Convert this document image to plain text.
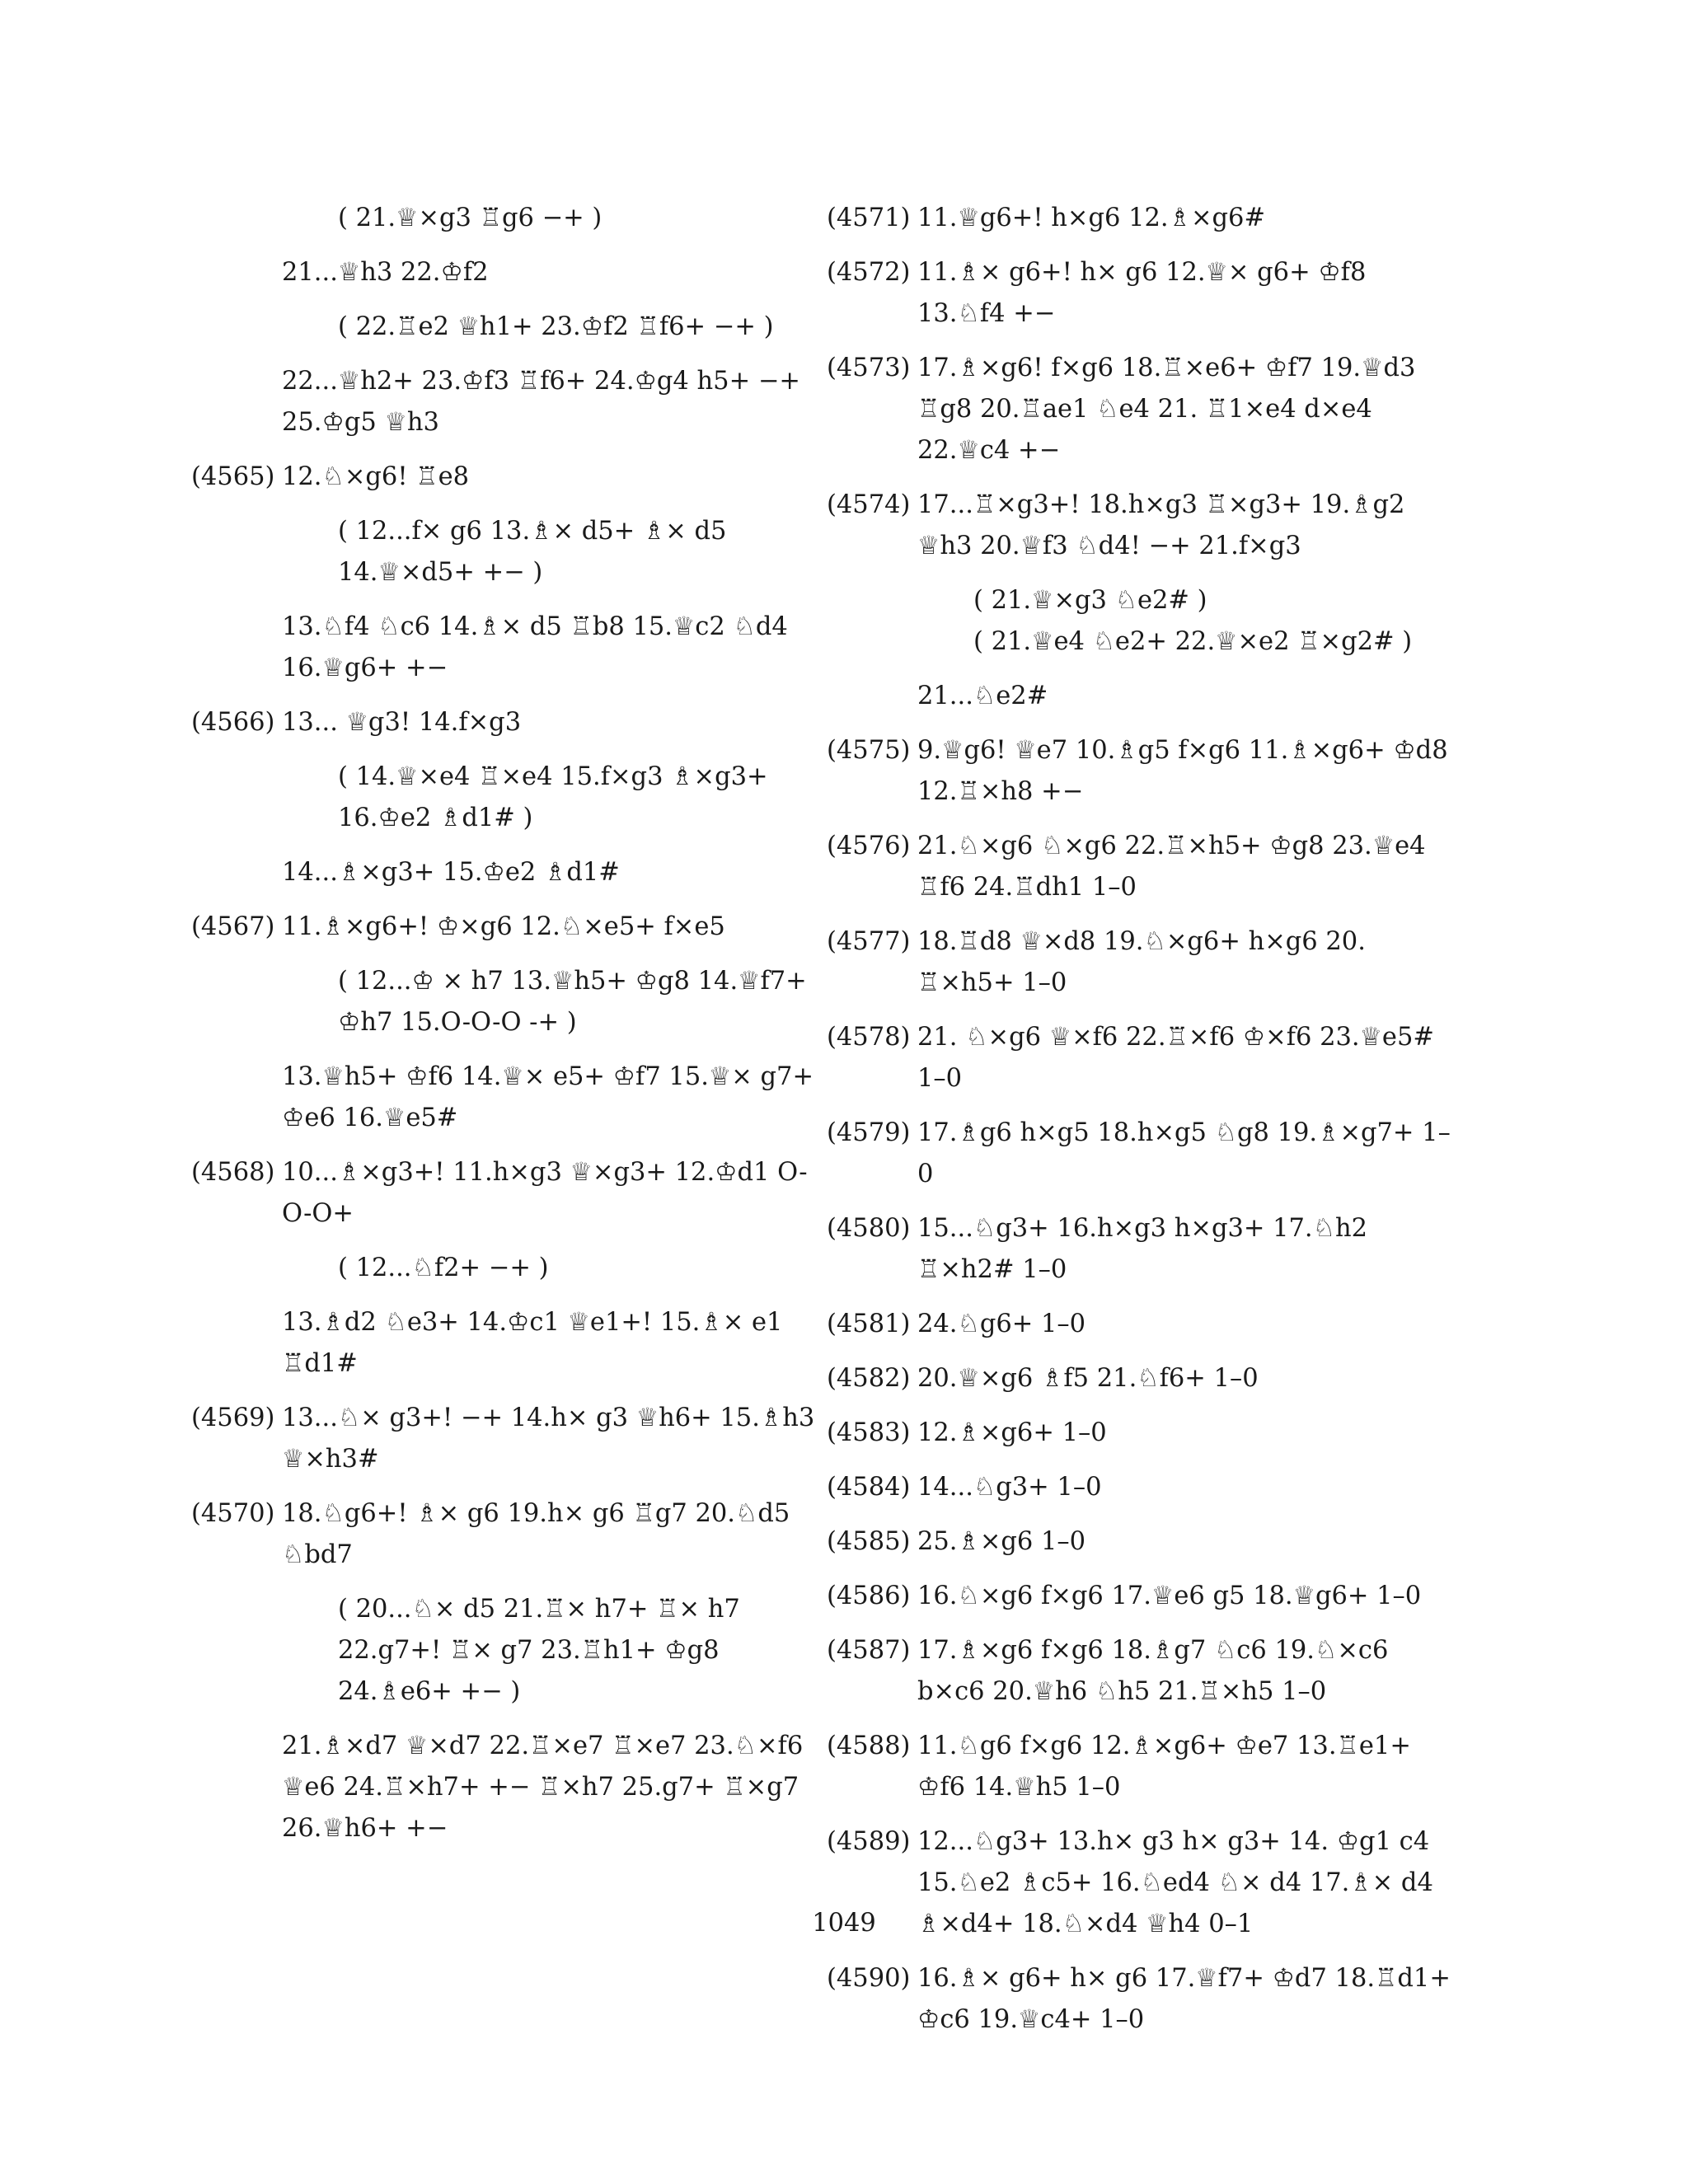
( 21.♕×g3 ♖g6 −+ )
21...♕h3 22.♔f2
( 22.♖e2 ♕h1+ 23.♔f2 ♖f6+ −+ )
22...♕h2+ 23.♔f3 ♖f6+ 24.♔g4 h5+ −+ 25.♔g5 ♕h3
(4565) 12.♘×g6! ♖e8
( 12...f× g6 13.♗× d5+ ♗× d5 14.♕×d5+ +− )
13.♘f4 ♘c6 14.♗× d5 ♖b8 15.♕c2 ♘d4 16.♕g6+ +−
(4566) 13... ♕g3! 14.f×g3
( 14.♕×e4 ♖×e4 15.f×g3 ♗×g3+ 16.♔e2 ♗d1# )
14...♗×g3+ 15.♔e2 ♗d1#
(4567) 11.♗×g6+! ♔×g6 12.♘×e5+ f×e5
( 12...♔ × h7 13.♕h5+ ♔g8 14.♕f7+ ♔h7 15.O-O-O -+ )
13.♕h5+ ♔f6 14.♕× e5+ ♔f7 15.♕× g7+ ♔e6 16.♕e5#
(4568) 10...♗×g3+! 11.h×g3 ♕×g3+ 12.♔d1 O-O-O+
( 12...♘f2+ −+ )
13.♗d2 ♘e3+ 14.♔c1 ♕e1+! 15.♗× e1 ♖d1#
(4569) 13...♘× g3+! −+ 14.h× g3 ♕h6+ 15.♗h3 ♕×h3#
(4570) 18.♘g6+! ♗× g6 19.h× g6 ♖g7 20.♘d5 ♘bd7
( 20...♘× d5 21.♖× h7+ ♖× h7 22.g7+! ♖× g7 23.♖h1+ ♔g8 24.♗e6+ +− )
21.♗×d7 ♕×d7 22.♖×e7 ♖×e7 23.♘×f6 ♕e6 24.♖×h7+ +− ♖×h7 25.g7+ ♖×g7 26.♕h6+ +−
(4571) 11.♕g6+! h×g6 12.♗×g6#
(4572) 11.♗× g6+! h× g6 12.♕× g6+ ♔f8 13.♘f4 +−
(4573) 17.♗×g6! f×g6 18.♖×e6+ ♔f7 19.♕d3 ♖g8 20.♖ae1 ♘e4 21. ♖1×e4 d×e4 22.♕c4 +−
(4574) 17...♖×g3+! 18.h×g3 ♖×g3+ 19.♗g2 ♕h3 20.♕f3 ♘d4! −+ 21.f×g3
( 21.♕×g3 ♘e2# )
( 21.♕e4 ♘e2+ 22.♕×e2 ♖×g2# )
21...♘e2#
(4575) 9.♕g6! ♕e7 10.♗g5 f×g6 11.♗×g6+ ♔d8 12.♖×h8 +−
(4576) 21.♘×g6 ♘×g6 22.♖×h5+ ♔g8 23.♕e4 ♖f6 24.♖dh1 1–0
(4577) 18.♖d8 ♕×d8 19.♘×g6+ h×g6 20. ♖×h5+ 1–0
(4578) 21. ♘×g6 ♕×f6 22.♖×f6 ♔×f6 23.♕e5# 1–0
(4579) 17.♗g6 h×g5 18.h×g5 ♘g8 19.♗×g7+ 1–0
(4580) 15...♘g3+ 16.h×g3 h×g3+ 17.♘h2 ♖×h2# 1–0
(4581) 24.♘g6+ 1–0
(4582) 20.♕×g6 ♗f5 21.♘f6+ 1–0
(4583) 12.♗×g6+ 1–0
(4584) 14...♘g3+ 1–0
(4585) 25.♗×g6 1–0
(4586) 16.♘×g6 f×g6 17.♕e6 g5 18.♕g6+ 1–0
(4587) 17.♗×g6 f×g6 18.♗g7 ♘c6 19.♘×c6 b×c6 20.♕h6 ♘h5 21.♖×h5 1–0
(4588) 11.♘g6 f×g6 12.♗×g6+ ♔e7 13.♖e1+ ♔f6 14.♕h5 1–0
(4589) 12...♘g3+ 13.h× g3 h× g3+ 14. ♔g1 c4 15.♘e2 ♗c5+ 16.♘ed4 ♘× d4 17.♗× d4 ♗×d4+ 18.♘×d4 ♕h4 0–1
(4590) 16.♗× g6+ h× g6 17.♕f7+ ♔d7 18.♖d1+ ♔c6 19.♕c4+ 1–0
1049
